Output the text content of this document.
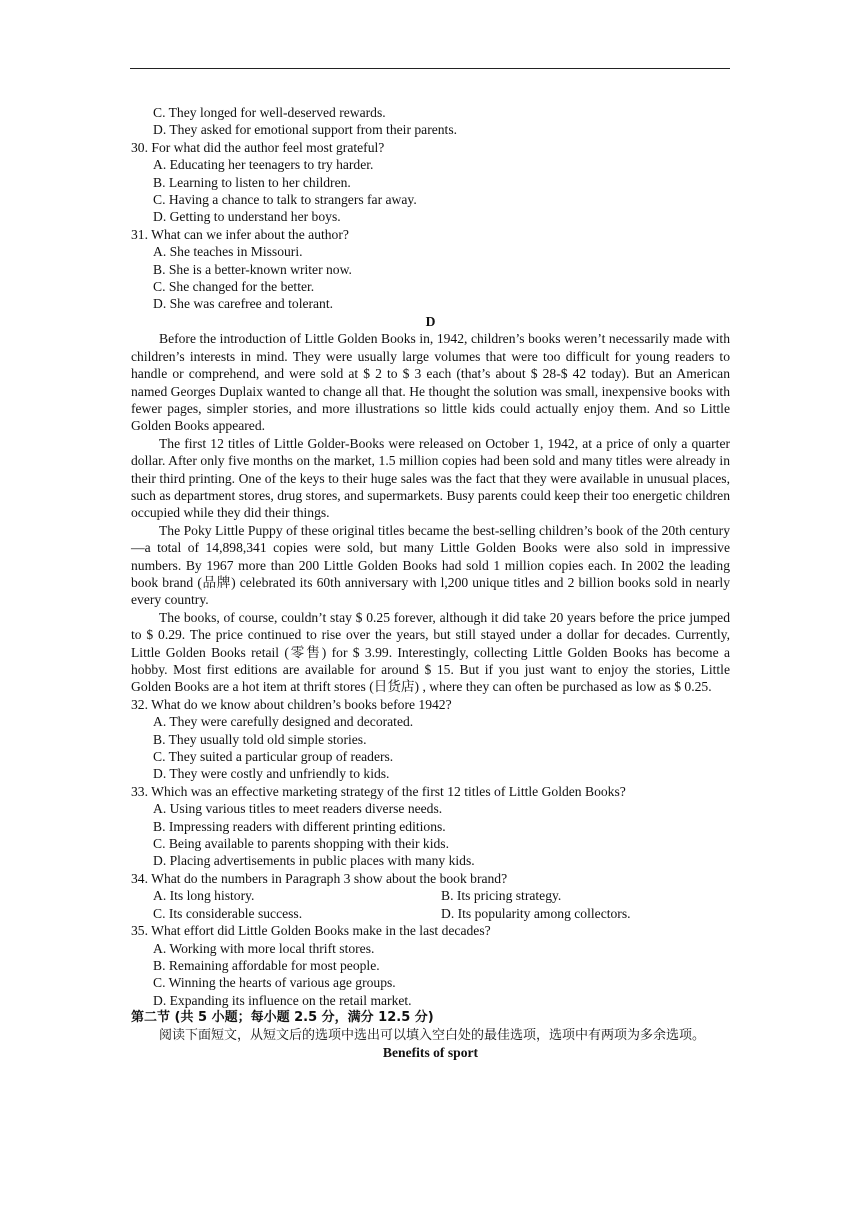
C. They longed for well-deserved rewards.

D. They asked for emotional support from their parents.

30. For what did the author feel most grateful?

A. Educating her teenagers to try harder.

B. Learning to listen to her children.

C. Having a chance to talk to strangers far away.

D. Getting to understand her boys.

31. What can we infer about the author?

A. She teaches in Missouri.

B. She is a better-known writer now.

C. She changed for the better.

D. She was carefree and tolerant.

D

Before the introduction of Little Golden Books in, 1942, children’s books weren’t necessarily made with children’s interests in mind. They were usually large volumes that were too difficult for young readers to handle or comprehend, and were sold at $ 2 to $ 3 each (that’s about $ 28-$ 42 today). But an American named Georges Duplaix wanted to change all that. He thought the solution was small, inexpensive books with fewer pages, simpler stories, and more illustrations so little kids could actually enjoy them. And so Little Golden Books appeared.

The first 12 titles of Little Golder-Books were released on October 1, 1942, at a price of only a quarter dollar. After only five months on the market, 1.5 million copies had been sold and many titles were already in their third printing. One of the keys to their huge sales was the fact that they were available in unusual places, such as department stores, drug stores, and supermarkets. Busy parents could keep their too energetic children occupied while they did their things.

The Poky Little Puppy of these original titles became the best-selling children’s book of the 20th century—a total of 14,898,341 copies were sold, but many Little Golden Books were also sold in impressive numbers. By 1967 more than 200 Little Golden Books had sold 1 million copies each. In 2002 the leading book brand (品牌) celebrated its 60th anniversary with l,200 unique titles and 2 billion books sold in nearly every country.

The books, of course, couldn’t stay $ 0.25 forever, although it did take 20 years before the price jumped to $ 0.29. The price continued to rise over the years, but still stayed under a dollar for decades. Currently, Little Golden Books retail (零售) for $ 3.99. Interestingly, collecting Little Golden Books has become a hobby. Most first editions are available for around $ 15. But if you just want to enjoy the stories, Little Golden Books are a hot item at thrift stores (日货店) , where they can often be purchased as low as $ 0.25.

32. What do we know about children’s books before 1942?

A. They were carefully designed and decorated.

B. They usually told old simple stories.

C. They suited a particular group of readers.

D. They were costly and unfriendly to kids.

33. Which was an effective marketing strategy of the first 12 titles of Little Golden Books?

A. Using various titles to meet readers diverse needs.

B. Impressing readers with different printing editions.

C. Being available to parents shopping with their kids.

D. Placing advertisements in public places with many kids.

34. What do the numbers in Paragraph 3 show about the book brand?

A. Its long history.	B. Its pricing strategy.
C. Its considerable success.	D. Its popularity among collectors.

35. What effort did Little Golden Books make in the last decades?

A. Working with more local thrift stores.

B. Remaining affordable for most people.

C. Winning the hearts of various age groups.

D. Expanding its influence on the retail market.

第二节 (共 5 小题；每小题 2.5 分，满分 12.5 分)

阅读下面短文，从短文后的选项中选出可以填入空白处的最佳选项，选项中有两项为多余选项。

Benefits of sport
